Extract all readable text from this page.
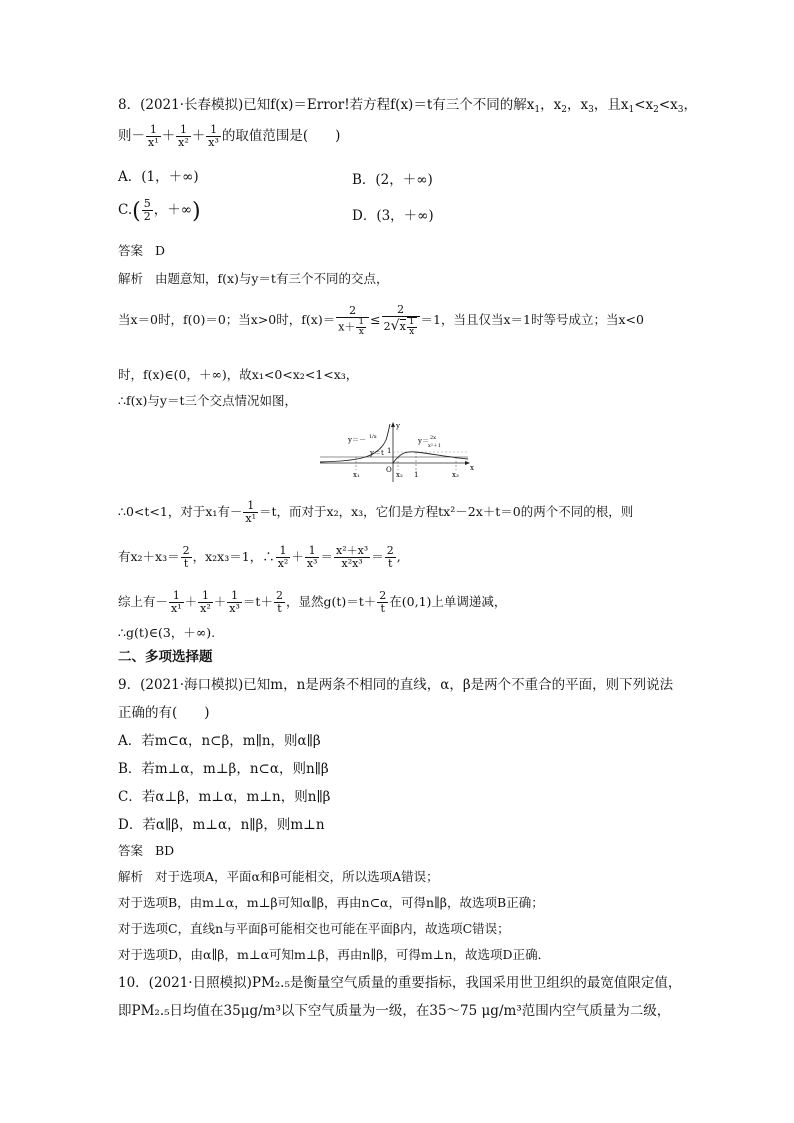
8．(2021·长春模拟)已知f(x)＝Error!若方程f(x)＝t有三个不同的解$x_1$，$x_2$，$x_3$，且$x_1<x_2<x_3$，
则－ $\frac{1}{\text{x¹}} + \frac{1}{\text{x²}} + \frac{1}{\text{x³}}$ 的取值范围是(　　)
A．(1，＋∞)	B．(2，＋∞)
$C.( \frac{5}{2}$ ，＋∞)	D．(3，＋∞)
答案 D
解析 由题意知，f(x)与y＝t有三个不同的交点，
当x＝0时，f(0)＝0；当x>0时，$f(x)= \frac{2}{x+ \frac{1}{x}} \le \frac{2}{2√x \frac{1}{x}} =1$，当且仅当x＝1时等号成立；当x<0
时，f(x)∈(0，＋∞)，故x₁<0<x₂<1<x₃，
∴f(x)与y＝t三个交点情况如图，
y＝－ 1/x
y＝t
y＝ 2x
x²＋1
y
x
O
1
x₁	x₂ 1	x₃
∴0<t<1，对于x₁有－ $\frac{1}{\text{x¹}} =t$，而对于x₂，x₃，它们是方程tx²－2x＋t＝0的两个不同的根，则
有$x_2+x_3= \frac{2}{t}$ ，x₂x₃＝1，∴ $\frac{1}{\text{x²}} + \frac{1}{\text{x³}} = \frac{\text{x²＋x³}}{\text{x²x³}} = \frac{2}{t}$ ,
综上有－ $\frac{1}{\text{x¹}} + \frac{1}{\text{x²}} + \frac{1}{\text{x³}} =t+ \frac{2}{t}$ ，显然$g(t)=t+ \frac{2}{t}$ 在(0,1)上单调递减，
∴g(t)∈(3，＋∞).
二、多项选择题
9．(2021·海口模拟)已知m，n是两条不相同的直线，α，β是两个不重合的平面，则下列说法
正确的有(　　)
A．若m⊂α，n⊂β，m∥n，则α∥β
B．若m⊥α，m⊥β，n⊂α，则n∥β
C．若α⊥β，m⊥α，m⊥n，则n∥β
D．若α∥β，m⊥α，n∥β，则m⊥n
答案 BD
解析 对于选项A，平面α和β可能相交，所以选项A错误；
对于选项B，由m⊥α，m⊥β可知α∥β，再由n⊂α，可得n∥β，故选项B正确；
对于选项C，直线n与平面β可能相交也可能在平面β内，故选项C错误；
对于选项D，由α∥β，m⊥α可知m⊥β，再由n∥β，可得m⊥n，故选项D正确．
10．(2021·日照模拟)PM₂.₅是衡量空气质量的重要指标，我国采用世卫组织的最宽值限定值，
即PM₂.₅日均值在35μg/m³以下空气质量为一级，在35～75 μg/m³范围内空气质量为二级，
